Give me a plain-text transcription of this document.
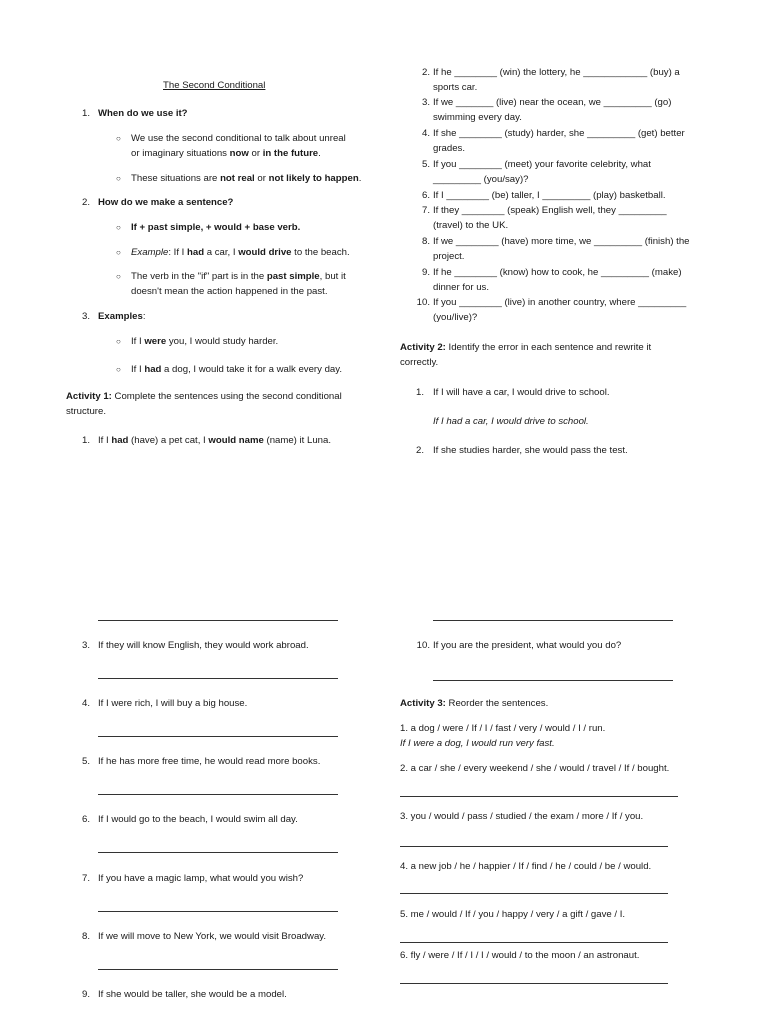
The Second Conditional
1. When do we use it?
○ We use the second conditional to talk about unreal
or imaginary situations now or in the future.
○ These situations are not real or not likely to happen.
2. How do we make a sentence?
○ If + past simple, + would + base verb.
○ Example: If I had a car, I would drive to the beach.
○ The verb in the "if" part is in the past simple, but it
doesn't mean the action happened in the past.
3. Examples:
○ If I were you, I would study harder.
○ If I had a dog, I would take it for a walk every day.
Activity 1: Complete the sentences using the second conditional
structure.
1. If I had (have) a pet cat, I would name (name) it Luna.
Activity 2: Identify the error in each sentence and rewrite it
correctly.
1. If I will have a car, I would drive to school.
If I had a car, I would drive to school.
2. If she studies harder, she would pass the test.
10. If you are the president, what would you do?
Activity 3: Reorder the sentences.
2. If he ________ (win) the lottery, he ____________ (buy) a
sports car.
3. If we _______ (live) near the ocean, we _________ (go)
swimming every day.
4. If she ________ (study) harder, she _________ (get) better
grades.
5. If you ________ (meet) your favorite celebrity, what
_________ (you/say)?
6. If I ________ (be) taller, I _________ (play) basketball.
7. If they ________ (speak) English well, they _________
(travel) to the UK.
8. If we ________ (have) more time, we _________ (finish) the
project.
9. If he ________ (know) how to cook, he _________ (make)
dinner for us.
10. If you ________ (live) in another country, where _________
(you/live)?
3. If they will know English, they would work abroad.
4. If I were rich, I will buy a big house.
5. If he has more free time, he would read more books.
6. If I would go to the beach, I would swim all day.
7. If you have a magic lamp, what would you wish?
8. If we will move to New York, we would visit Broadway.
9. If she would be taller, she would be a model.
1. a dog / were / If / I / fast / very / would / I / run.
If I were a dog, I would run very fast.
2. a car / she / every weekend / she / would / travel / If / bought.
3. you / would / pass / studied / the exam / more / If / you.
4. a new job / he / happier / If / find / he / could / be / would.
5. me / would / If / you / happy / very / a gift / gave / I.
6. fly / were / If / I / I / would / to the moon / an astronaut.
